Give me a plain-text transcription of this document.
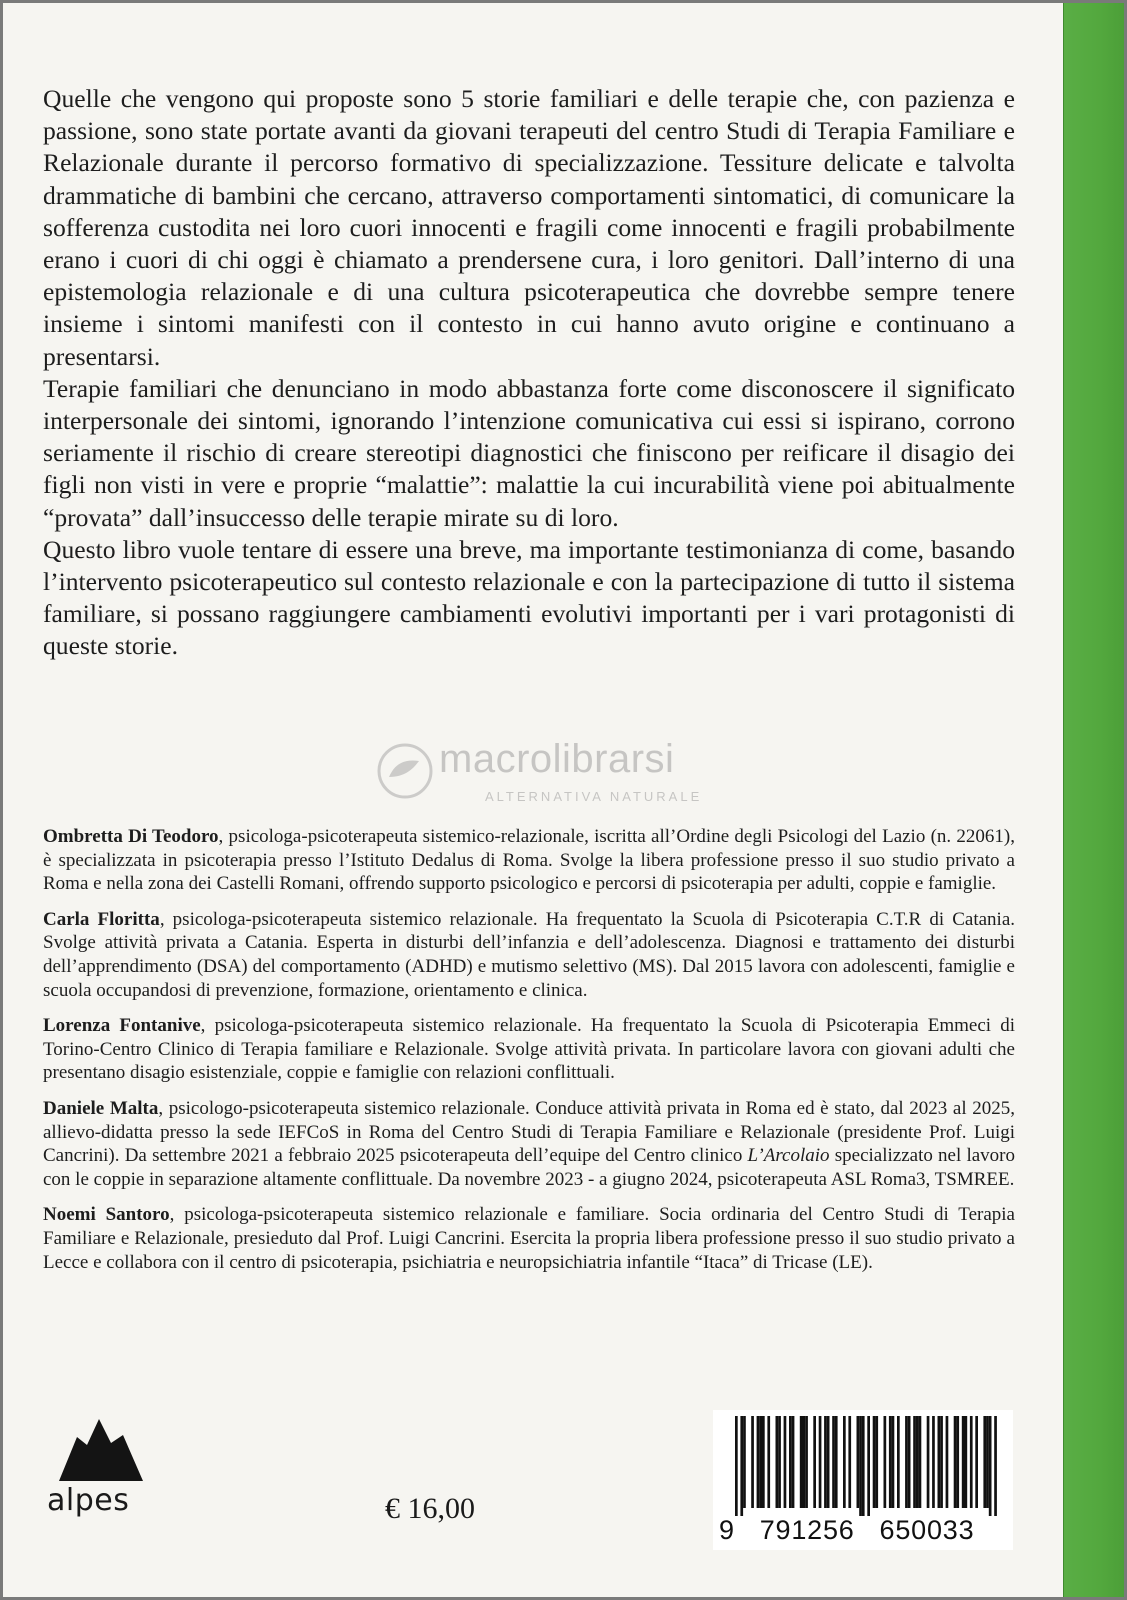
Quelle che vengono qui proposte sono 5 storie familiari e delle terapie che, con pazienza e passione, sono state portate avanti da giovani terapeuti del centro Studi di Terapia Familiare e Relazionale durante il percorso formativo di specializzazione. Tessiture delicate e talvolta drammatiche di bambini che cercano, attraverso comportamenti sintomatici, di comunicare la sofferenza custodita nei loro cuori innocenti e fragili come innocenti e fragili probabilmente erano i cuori di chi oggi è chiamato a prendersene cura, i loro genitori. Dall’interno di una epistemologia relazionale e di una cultura psicoterapeutica che dovrebbe sempre tenere insieme i sintomi manifesti con il contesto in cui hanno avuto origine e continuano a presentarsi.

Terapie familiari che denunciano in modo abbastanza forte come disconoscere il significato interpersonale dei sintomi, ignorando l’intenzione comunicativa cui essi si ispirano, corrono seriamente il rischio di creare stereotipi diagnostici che finiscono per reificare il disagio dei figli non visti in vere e proprie “malattie”: malattie la cui incurabilità viene poi abitualmente “provata” dall’insuccesso delle terapie mirate su di loro.

Questo libro vuole tentare di essere una breve, ma importante testimonianza di come, basando l’intervento psicoterapeutico sul contesto relazionale e con la partecipazione di tutto il sistema familiare, si possano raggiungere cambiamenti evolutivi importanti per i vari protagonisti di queste storie.

macrolibrarsi
ALTERNATIVA NATURALE

Ombretta Di Teodoro, psicologa-psicoterapeuta sistemico-relazionale, iscritta all’Ordine degli Psicologi del Lazio (n. 22061), è specializzata in psicoterapia presso l’Istituto Dedalus di Roma. Svolge la libera professione presso il suo studio privato a Roma e nella zona dei Castelli Romani, offrendo supporto psicologico e percorsi di psicoterapia per adulti, coppie e famiglie.

Carla Floritta, psicologa-psicoterapeuta sistemico relazionale. Ha frequentato la Scuola di Psicoterapia C.T.R di Catania. Svolge attività privata a Catania. Esperta in disturbi dell’infanzia e dell’adolescenza. Diagnosi e trattamento dei disturbi dell’apprendimento (DSA) del comportamento (ADHD) e mutismo selettivo (MS). Dal 2015 lavora con adolescenti, famiglie e scuola occupandosi di prevenzione, formazione, orientamento e clinica.

Lorenza Fontanive, psicologa-psicoterapeuta sistemico relazionale. Ha frequentato la Scuola di Psicoterapia Emmeci di Torino-Centro Clinico di Terapia familiare e Relazionale. Svolge attività privata. In particolare lavora con giovani adulti che presentano disagio esistenziale, coppie e famiglie con relazioni conflittuali.

Daniele Malta, psicologo-psicoterapeuta sistemico relazionale. Conduce attività privata in Roma ed è stato, dal 2023 al 2025, allievo-didatta presso la sede IEFCoS in Roma del Centro Studi di Terapia Familiare e Relazionale (presidente Prof. Luigi Cancrini). Da settembre 2021 a febbraio 2025 psicoterapeuta dell’equipe del Centro clinico L’Arcolaio specializzato nel lavoro con le coppie in separazione altamente conflittuale. Da novembre 2023 - a giugno 2024, psicoterapeuta ASL Roma3, TSMREE.

Noemi Santoro, psicologa-psicoterapeuta sistemico relazionale e familiare. Socia ordinaria del Centro Studi di Terapia Familiare e Relazionale, presieduto dal Prof. Luigi Cancrini. Esercita la propria libera professione presso il suo studio privato a Lecce e collabora con il centro di psicoterapia, psichiatria e neuropsichiatria infantile “Itaca” di Tricase (LE).

alpes	€ 16,00
9   791256   650033
